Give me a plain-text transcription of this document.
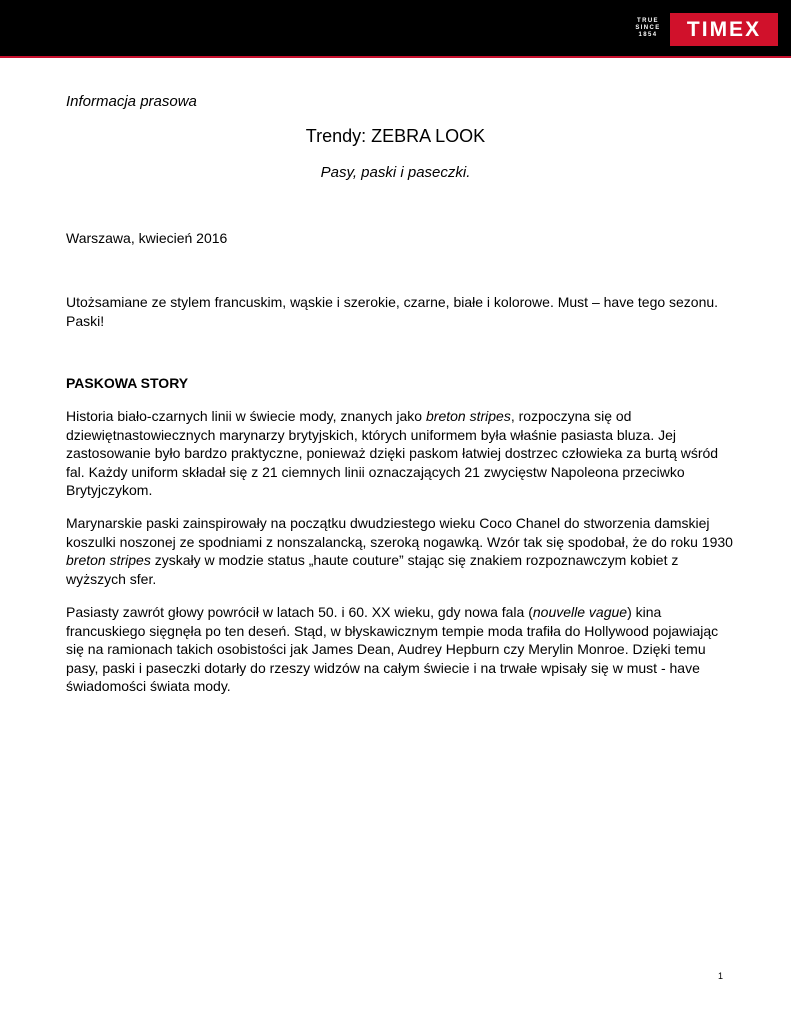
TRUE
SINCE
1854	TIMEX
Informacja prasowa
Trendy: ZEBRA LOOK
Pasy, paski i paseczki.
Warszawa, kwiecień 2016

Utożsamiane ze stylem francuskim, wąskie i szerokie, czarne, białe i kolorowe. Must – have tego sezonu. Paski!

PASKOWA STORY

Historia biało-czarnych linii w świecie mody, znanych jako breton stripes, rozpoczyna się od dziewiętnastowiecznych marynarzy brytyjskich, których uniformem była właśnie pasiasta bluza. Jej zastosowanie było bardzo praktyczne, ponieważ dzięki paskom łatwiej dostrzec człowieka za burtą wśród fal. Każdy uniform składał się z 21 ciemnych linii oznaczających 21 zwycięstw Napoleona przeciwko Brytyjczykom.

Marynarskie paski zainspirowały na początku dwudziestego wieku Coco Chanel do stworzenia damskiej koszulki noszonej ze spodniami z nonszalancką, szeroką nogawką. Wzór tak się spodobał, że do roku 1930 breton stripes zyskały w modzie status „haute couture” stając się znakiem rozpoznawczym kobiet z wyższych sfer.

Pasiasty zawrót głowy powrócił w latach 50. i 60. XX wieku, gdy nowa fala (nouvelle vague) kina francuskiego sięgnęła po ten deseń. Stąd, w błyskawicznym tempie moda trafiła do Hollywood pojawiając się na ramionach takich osobistości jak James Dean, Audrey Hepburn czy Merylin Monroe. Dzięki temu pasy, paski i paseczki dotarły do rzeszy widzów na całym świecie i na trwałe wpisały się w must - have świadomości świata mody.

1
